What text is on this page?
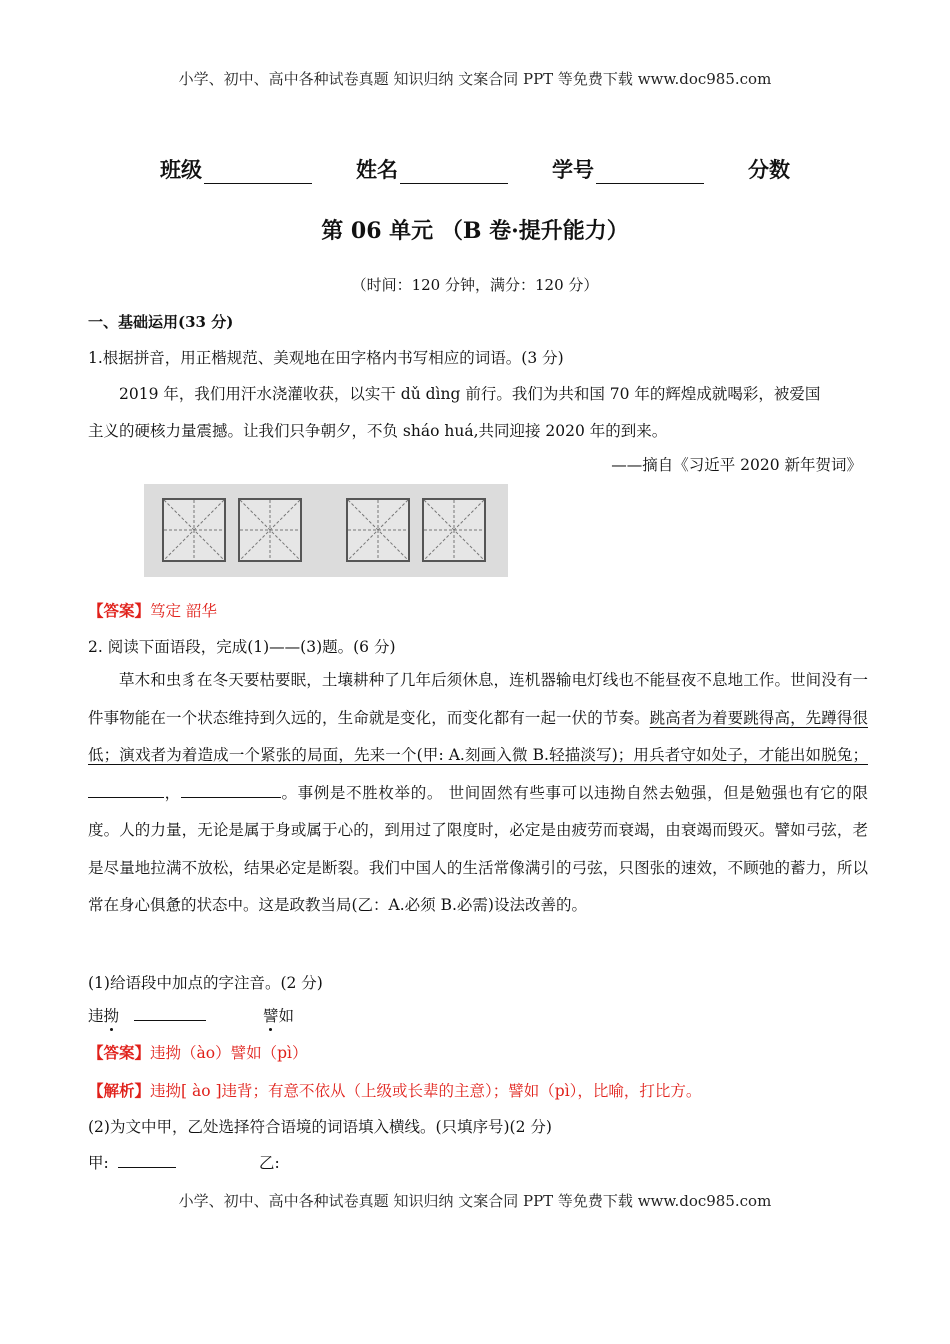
小学、初中、高中各种试卷真题 知识归纳 文案合同 PPT 等免费下载 www.doc985.com
班级	姓名	学号	分数
第 06 单元 （B 卷·提升能力）
（时间：120 分钟，满分：120 分）
一、基础运用(33 分)
1.根据拼音，用正楷规范、美观地在田字格内书写相应的词语。(3 分)
2019 年，我们用汗水浇灌收获，以实干 dǔ dìng 前行。我们为共和国 70 年的辉煌成就喝彩，被爱国
主义的硬核力量震撼。让我们只争朝夕，不负 sháo huá,共同迎接 2020 年的到来。
——摘自《习近平 2020 新年贺词》
【答案】笃定 韶华
2. 阅读下面语段，完成(1)——(3)题。(6 分)
草木和虫豸在冬天要枯要眠，土壤耕种了几年后须休息，连机器输电灯线也不能昼夜不息地工作。世间没有一件事物能在一个状态维持到久远的，生命就是变化，而变化都有一起一伏的节奏。跳高者为着要跳得高，先蹲得很低；演戏者为着造成一个紧张的局面，先来一个(甲: A.刻画入微 B.轻描淡写)；用兵者守如处子，才能出如脱兔；，	。事例是不胜枚举的。 世间固然有些事可以违拗自然去勉强，但是勉强也有它的限度。人的力量，无论是属于身或属于心的，到用过了限度时，必定是由疲劳而衰竭，由衰竭而毁灭。譬如弓弦，老是尽量地拉满不放松，结果必定是断裂。我们中国人的生活常像满引的弓弦，只图张的速效，不顾弛的蓄力，所以常在身心俱惫的状态中。这是政教当局(乙：A.必须 B.必需)设法改善的。
(1)给语段中加点的字注音。(2 分)
违拗	譬如
【答案】违拗（ào）譬如（pì）
【解析】违拗[ ào ]违背；有意不依从（上级或长辈的主意）；譬如（pì），比喻，打比方。
(2)为文中甲，乙处选择符合语境的词语填入横线。(只填序号)(2 分)
甲:	乙:
小学、初中、高中各种试卷真题 知识归纳 文案合同 PPT 等免费下载 www.doc985.com
